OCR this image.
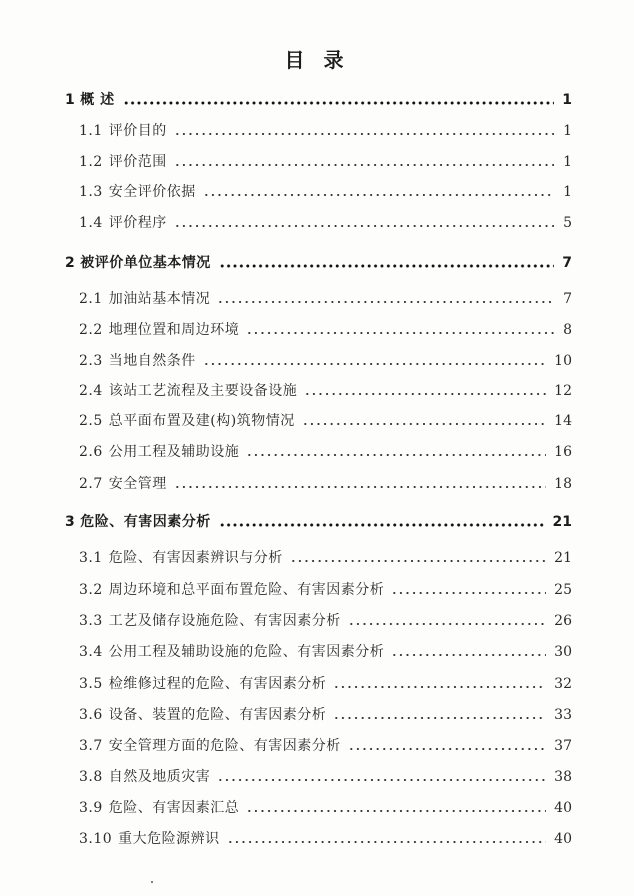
目 录
1 概 述	1
1.1 评价目的	1
1.2 评价范围	1
1.3 安全评价依据	1
1.4 评价程序	5
2 被评价单位基本情况	7
2.1 加油站基本情况	7
2.2 地理位置和周边环境	8
2.3 当地自然条件	10
2.4 该站工艺流程及主要设备设施	12
2.5 总平面布置及建(构)筑物情况	14
2.6 公用工程及辅助设施	16
2.7 安全管理	18
3 危险、有害因素分析	21
3.1 危险、有害因素辨识与分析	21
3.2 周边环境和总平面布置危险、有害因素分析	25
3.3 工艺及储存设施危险、有害因素分析	26
3.4 公用工程及辅助设施的危险、有害因素分析	30
3.5 检维修过程的危险、有害因素分析	32
3.6 设备、装置的危险、有害因素分析	33
3.7 安全管理方面的危险、有害因素分析	37
3.8 自然及地质灾害	38
3.9 危险、有害因素汇总	40
3.10 重大危险源辨识	40
